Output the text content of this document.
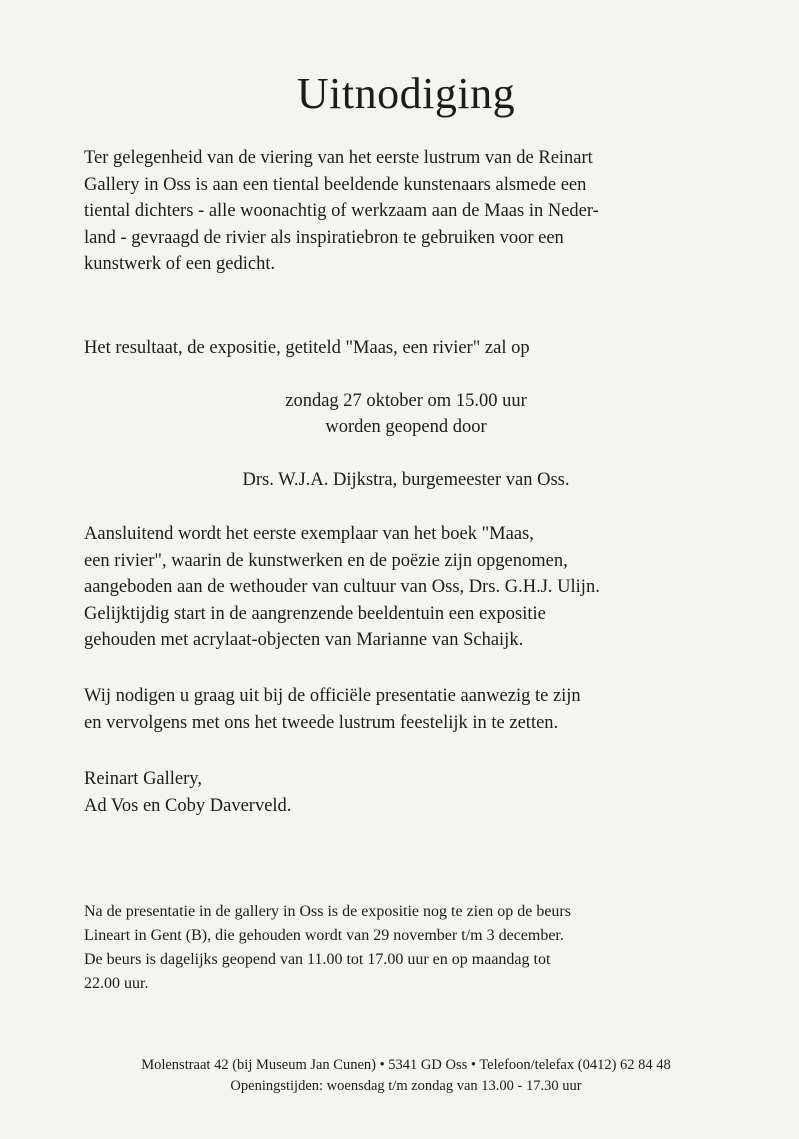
Uitnodiging

Ter gelegenheid van de viering van het eerste lustrum van de Reinart
Gallery in Oss is aan een tiental beeldende kunstenaars alsmede een
tiental dichters - alle woonachtig of werkzaam aan de Maas in Neder-
land - gevraagd de rivier als inspiratiebron te gebruiken voor een
kunstwerk of een gedicht.

Het resultaat, de expositie, getiteld "Maas, een rivier" zal op

zondag 27 oktober om 15.00 uur

worden geopend door

Drs. W.J.A. Dijkstra, burgemeester van Oss.

Aansluitend wordt het eerste exemplaar van het boek "Maas,
een rivier", waarin de kunstwerken en de poëzie zijn opgenomen,
aangeboden aan de wethouder van cultuur van Oss, Drs. G.H.J. Ulijn.
Gelijktijdig start in de aangrenzende beeldentuin een expositie
gehouden met acrylaat-objecten van Marianne van Schaijk.

Wij nodigen u graag uit bij de officiële presentatie aanwezig te zijn
en vervolgens met ons het tweede lustrum feestelijk in te zetten.

Reinart Gallery,
Ad Vos en Coby Daverveld.

Na de presentatie in de gallery in Oss is de expositie nog te zien op de beurs
Lineart in Gent (B), die gehouden wordt van 29 november t/m 3 december.
De beurs is dagelijks geopend van 11.00 tot 17.00 uur en op maandag tot
22.00 uur.

Molenstraat 42 (bij Museum Jan Cunen) • 5341 GD Oss • Telefoon/telefax (0412) 62 84 48

Openingstijden: woensdag t/m zondag van 13.00 - 17.30 uur
